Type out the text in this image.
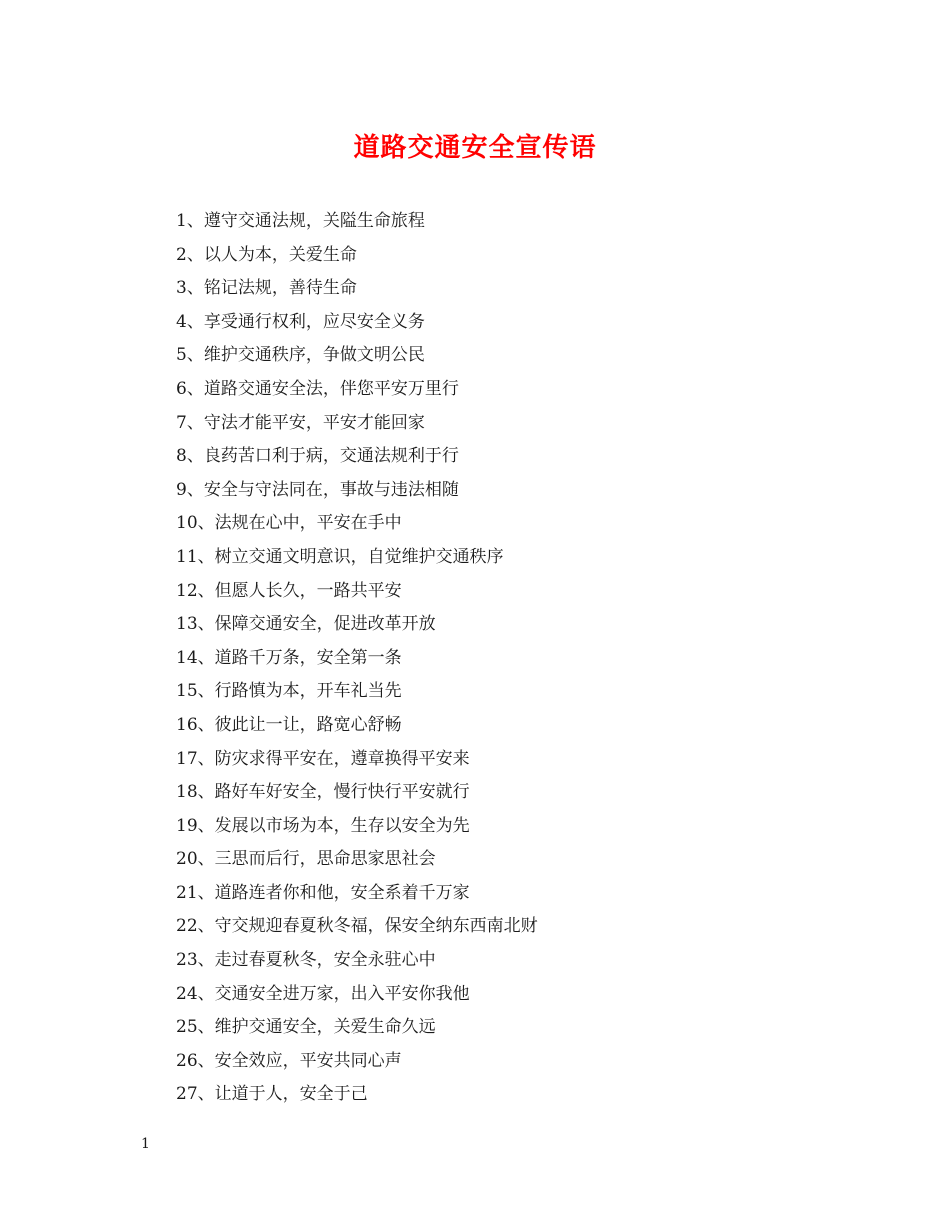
道路交通安全宣传语
1、遵守交通法规，关隘生命旅程
2、以人为本，关爱生命
3、铭记法规，善待生命
4、享受通行权利，应尽安全义务
5、维护交通秩序，争做文明公民
6、道路交通安全法，伴您平安万里行
7、守法才能平安，平安才能回家
8、良药苦口利于病，交通法规利于行
9、安全与守法同在，事故与违法相随
10、法规在心中，平安在手中
11、树立交通文明意识，自觉维护交通秩序
12、但愿人长久，一路共平安
13、保障交通安全，促进改革开放
14、道路千万条，安全第一条
15、行路慎为本，开车礼当先
16、彼此让一让，路宽心舒畅
17、防灾求得平安在，遵章换得平安来
18、路好车好安全，慢行快行平安就行
19、发展以市场为本，生存以安全为先
20、三思而后行，思命思家思社会
21、道路连者你和他，安全系着千万家
22、守交规迎春夏秋冬福，保安全纳东西南北财
23、走过春夏秋冬，安全永驻心中
24、交通安全进万家，出入平安你我他
25、维护交通安全，关爱生命久远
26、安全效应，平安共同心声
27、让道于人，安全于己
1
